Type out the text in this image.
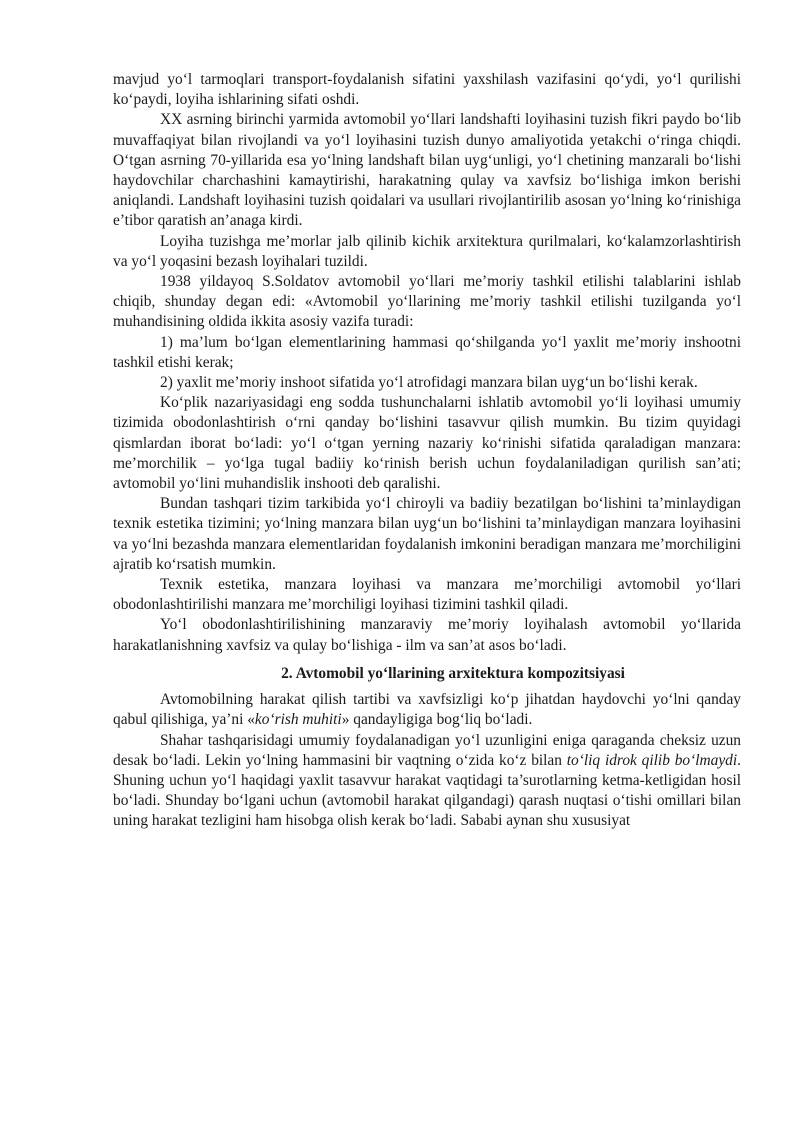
mavjud yo‘l tarmoqlari transport-foydalanish sifatini yaxshilash vazifasini qo‘ydi, yo‘l qurilishi ko‘paydi, loyiha ishlarining sifati oshdi.

XX asrning birinchi yarmida avtomobil yo‘llari landshafti loyihasini tuzish fikri paydo bo‘lib muvaffaqiyat bilan rivojlandi va yo‘l loyihasini tuzish dunyo amaliyotida yetakchi o‘ringa chiqdi. O‘tgan asrning 70-yillarida esa yo‘lning landshaft bilan uyg‘unligi, yo‘l chetining manzarali bo‘lishi haydovchilar charchashini kamaytirishi, harakatning qulay va xavfsiz bo‘lishiga imkon berishi aniqlandi. Landshaft loyihasini tuzish qoidalari va usullari rivojlantirilib asosan yo‘lning ko‘rinishiga e’tibor qaratish an’anaga kirdi.

Loyiha tuzishga me’morlar jalb qilinib kichik arxitektura qurilmalari, ko‘kalamzorlashtirish va yo‘l yoqasini bezash loyihalari tuzildi.

1938 yildayoq S.Soldatov avtomobil yo‘llari me’moriy tashkil etilishi talablarini ishlab chiqib, shunday degan edi: «Avtomobil yo‘llarining me’moriy tashkil etilishi tuzilganda yo‘l muhandisining oldida ikkita asosiy vazifa turadi:

1) ma’lum bo‘lgan elementlarining hammasi qo‘shilganda yo‘l yaxlit me’moriy inshootni tashkil etishi kerak;

2) yaxlit me’moriy inshoot sifatida yo‘l atrofidagi manzara bilan uyg‘un bo‘lishi kerak.

Ko‘plik nazariyasidagi eng sodda tushunchalarni ishlatib avtomobil yo‘li loyihasi umumiy tizimida obodonlashtirish o‘rni qanday bo‘lishini tasavvur qilish mumkin. Bu tizim quyidagi qismlardan iborat bo‘ladi: yo‘l o‘tgan yerning nazariy ko‘rinishi sifatida qaraladigan manzara: me’morchilik – yo‘lga tugal badiiy ko‘rinish berish uchun foydalaniladigan qurilish san’ati; avtomobil yo‘lini muhandislik inshooti deb qaralishi.

Bundan tashqari tizim tarkibida yo‘l chiroyli va badiiy bezatilgan bo‘lishini ta’minlaydigan texnik estetika tizimini; yo‘lning manzara bilan uyg‘un bo‘lishini ta’minlaydigan manzara loyihasini va yo‘lni bezashda manzara elementlaridan foydalanish imkonini beradigan manzara me’morchiligini ajratib ko‘rsatish mumkin.

Texnik estetika, manzara loyihasi va manzara me’morchiligi avtomobil yo‘llari obodonlashtirilishi manzara me’morchiligi loyihasi tizimini tashkil qiladi.

Yo‘l obodonlashtirilishining manzaraviy me’moriy loyihalash avtomobil yo‘llarida harakatlanishning xavfsiz va qulay bo‘lishiga - ilm va san’at asos bo‘ladi.

2. Avtomobil yo‘llarining arxitektura kompozitsiyasi

Avtomobilning harakat qilish tartibi va xavfsizligi ko‘p jihatdan haydovchi yo‘lni qanday qabul qilishiga, ya’ni «ko‘rish muhiti» qandayligiga bog‘liq bo‘ladi.

Shahar tashqarisidagi umumiy foydalanadigan yo‘l uzunligini eniga qaraganda cheksiz uzun desak bo‘ladi. Lekin yo‘lning hammasini bir vaqtning o‘zida ko‘z bilan to‘liq idrok qilib bo‘lmaydi. Shuning uchun yo‘l haqidagi yaxlit tasavvur harakat vaqtidagi ta’surotlarning ketma-ketligidan hosil bo‘ladi. Shunday bo‘lgani uchun (avtomobil harakat qilgandagi) qarash nuqtasi o‘tishi omillari bilan uning harakat tezligini ham hisobga olish kerak bo‘ladi. Sababi aynan shu xususiyat
